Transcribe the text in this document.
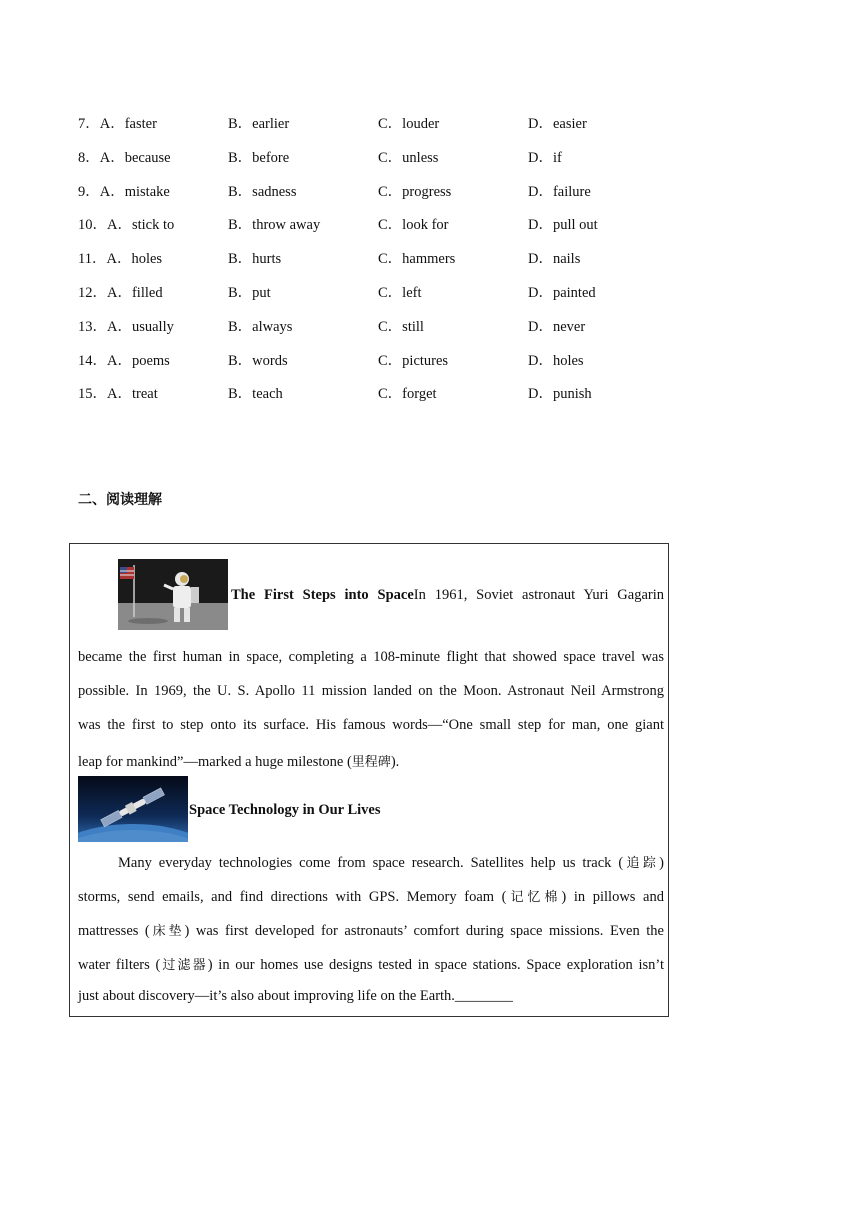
7．A．faster	B．earlier	C．louder	D．easier
8．A．because	B．before	C．unless	D．if
9．A．mistake	B．sadness	C．progress	D．failure
10．A．stick to	B．throw away	C．look for	D．pull out
11．A．holes	B．hurts	C．hammers	D．nails
12．A．filled	B．put	C．left	D．painted
13．A．usually	B．always	C．still	D．never
14．A．poems	B．words	C．pictures	D．holes
15．A．treat	B．teach	C．forget	D．punish
二、阅读理解
The First Steps into SpaceIn 1961, Soviet astronaut Yuri Gagarin
became the first human in space, completing a 108-minute flight that showed space travel was
possible. In 1969, the U. S. Apollo 11 mission landed on the Moon. Astronaut Neil Armstrong
was the first to step onto its surface. His famous words—“One small step for man, one giant
leap for mankind”—marked a huge milestone (里程碑).
Space Technology in Our Lives
Many everyday technologies come from space research. Satellites help us track (追踪)
storms, send emails, and find directions with GPS. Memory foam (记忆棉) in pillows and
mattresses (床垫) was first developed for astronauts’ comfort during space missions. Even the
water filters (过滤器) in our homes use designs tested in space stations. Space exploration isn’t
just about discovery—it’s also about improving life on the Earth.________
